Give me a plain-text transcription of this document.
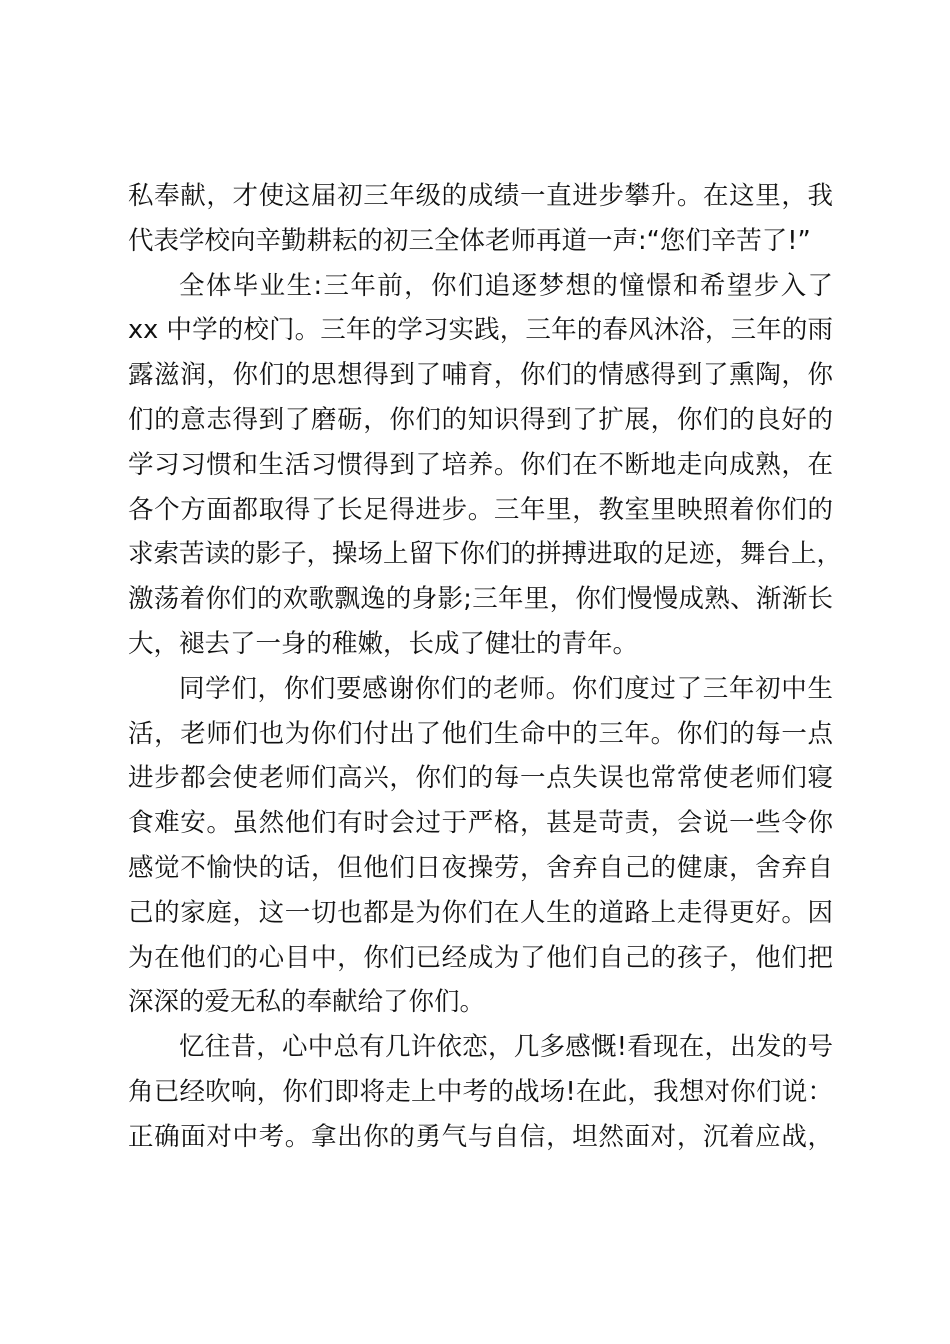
私奉献，才使这届初三年级的成绩一直进步攀升。在这里，我
代表学校向辛勤耕耘的初三全体老师再道一声:“您们辛苦了!”
全体毕业生:三年前，你们追逐梦想的憧憬和希望步入了
xx 中学的校门。三年的学习实践，三年的春风沐浴，三年的雨
露滋润，你们的思想得到了哺育，你们的情感得到了熏陶，你
们的意志得到了磨砺，你们的知识得到了扩展，你们的良好的
学习习惯和生活习惯得到了培养。你们在不断地走向成熟，在
各个方面都取得了长足得进步。三年里，教室里映照着你们的
求索苦读的影子，操场上留下你们的拼搏进取的足迹，舞台上，
激荡着你们的欢歌飘逸的身影;三年里，你们慢慢成熟、渐渐长
大，褪去了一身的稚嫩，长成了健壮的青年。
同学们，你们要感谢你们的老师。你们度过了三年初中生
活，老师们也为你们付出了他们生命中的三年。你们的每一点
进步都会使老师们高兴，你们的每一点失误也常常使老师们寝
食难安。虽然他们有时会过于严格，甚是苛责，会说一些令你
感觉不愉快的话，但他们日夜操劳，舍弃自己的健康，舍弃自
己的家庭，这一切也都是为你们在人生的道路上走得更好。因
为在他们的心目中，你们已经成为了他们自己的孩子，他们把
深深的爱无私的奉献给了你们。
忆往昔，心中总有几许依恋，几多感慨!看现在，出发的号
角已经吹响，你们即将走上中考的战场!在此，我想对你们说：
正确面对中考。拿出你的勇气与自信，坦然面对，沉着应战，
